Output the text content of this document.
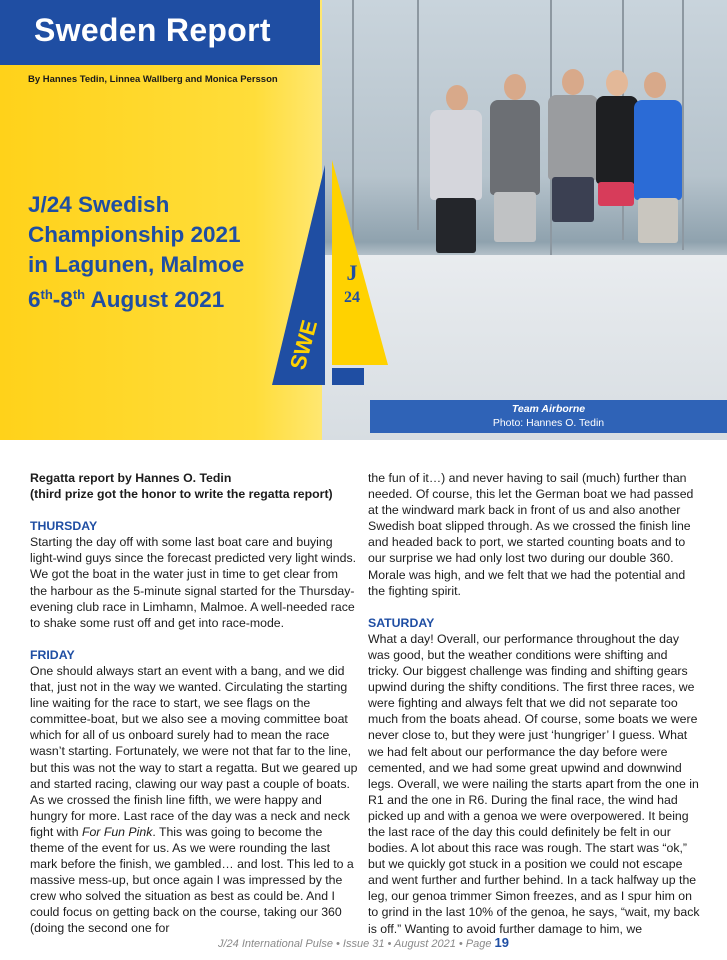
Sweden Report
By Hannes Tedin, Linnea Wallberg and Monica Persson
J/24 Swedish
Championship 2021
in Lagunen, Malmoe
6th-8th August 2021
J
24
SWE
Team Airborne
Photo: Hannes O. Tedin

Regatta report by Hannes O. Tedin

(third prize got the honor to write the regatta report)

THURSDAY

Starting the day off with some last boat care and buying light-wind guys since the forecast predicted very light winds. We got the boat in the water just in time to get clear from the harbour as the 5-minute signal started for the Thursday-evening club race in Limhamn, Malmoe. A well-needed race to shake some rust off and get into race-mode.

FRIDAY

One should always start an event with a bang, and we did that, just not in the way we wanted. Circulating the starting line waiting for the race to start, we see flags on the committee-boat, but we also see a moving committee boat which for all of us onboard surely had to mean the race wasn’t starting. Fortunately, we were not that far to the line, but this was not the way to start a regatta. But we geared up and started racing, clawing our way past a couple of boats. As we crossed the finish line fifth, we were happy and hungry for more. Last race of the day was a neck and neck fight with For Fun Pink. This was going to become the theme of the event for us. As we were rounding the last mark before the finish, we gambled… and lost. This led to a massive mess-up, but once again I was impressed by the crew who solved the situation as best as could be. And I could focus on getting back on the course, taking our 360 (doing the second one for

the fun of it…) and never having to sail (much) further than needed. Of course, this let the German boat we had passed at the windward mark back in front of us and also another Swedish boat slipped through. As we crossed the finish line and headed back to port, we started counting boats and to our surprise we had only lost two during our double 360. Morale was high, and we felt that we had the potential and the fighting spirit.

SATURDAY

What a day! Overall, our performance throughout the day was good, but the weather conditions were shifting and tricky. Our biggest challenge was finding and shifting gears upwind during the shifty conditions. The first three races, we were fighting and always felt that we did not separate too much from the boats ahead. Of course, some boats we were never close to, but they were just ‘hungriger’ I guess. What we had felt about our performance the day before were cemented, and we had some great upwind and downwind legs. Overall, we were nailing the starts apart from the one in R1 and the one in R6. During the final race, the wind had picked up and with a genoa we were overpowered. It being the last race of the day this could definitely be felt in our bodies. A lot about this race was rough. The start was “ok,” but we quickly got stuck in a position we could not escape and went further and further behind. In a tack halfway up the leg, our genoa trimmer Simon freezes, and as I spur him on to grind in the last 10% of the genoa, he says, “wait, my back is off.” Wanting to avoid further damage to him, we

J/24 International Pulse • Issue 31 • August 2021 • Page 19
